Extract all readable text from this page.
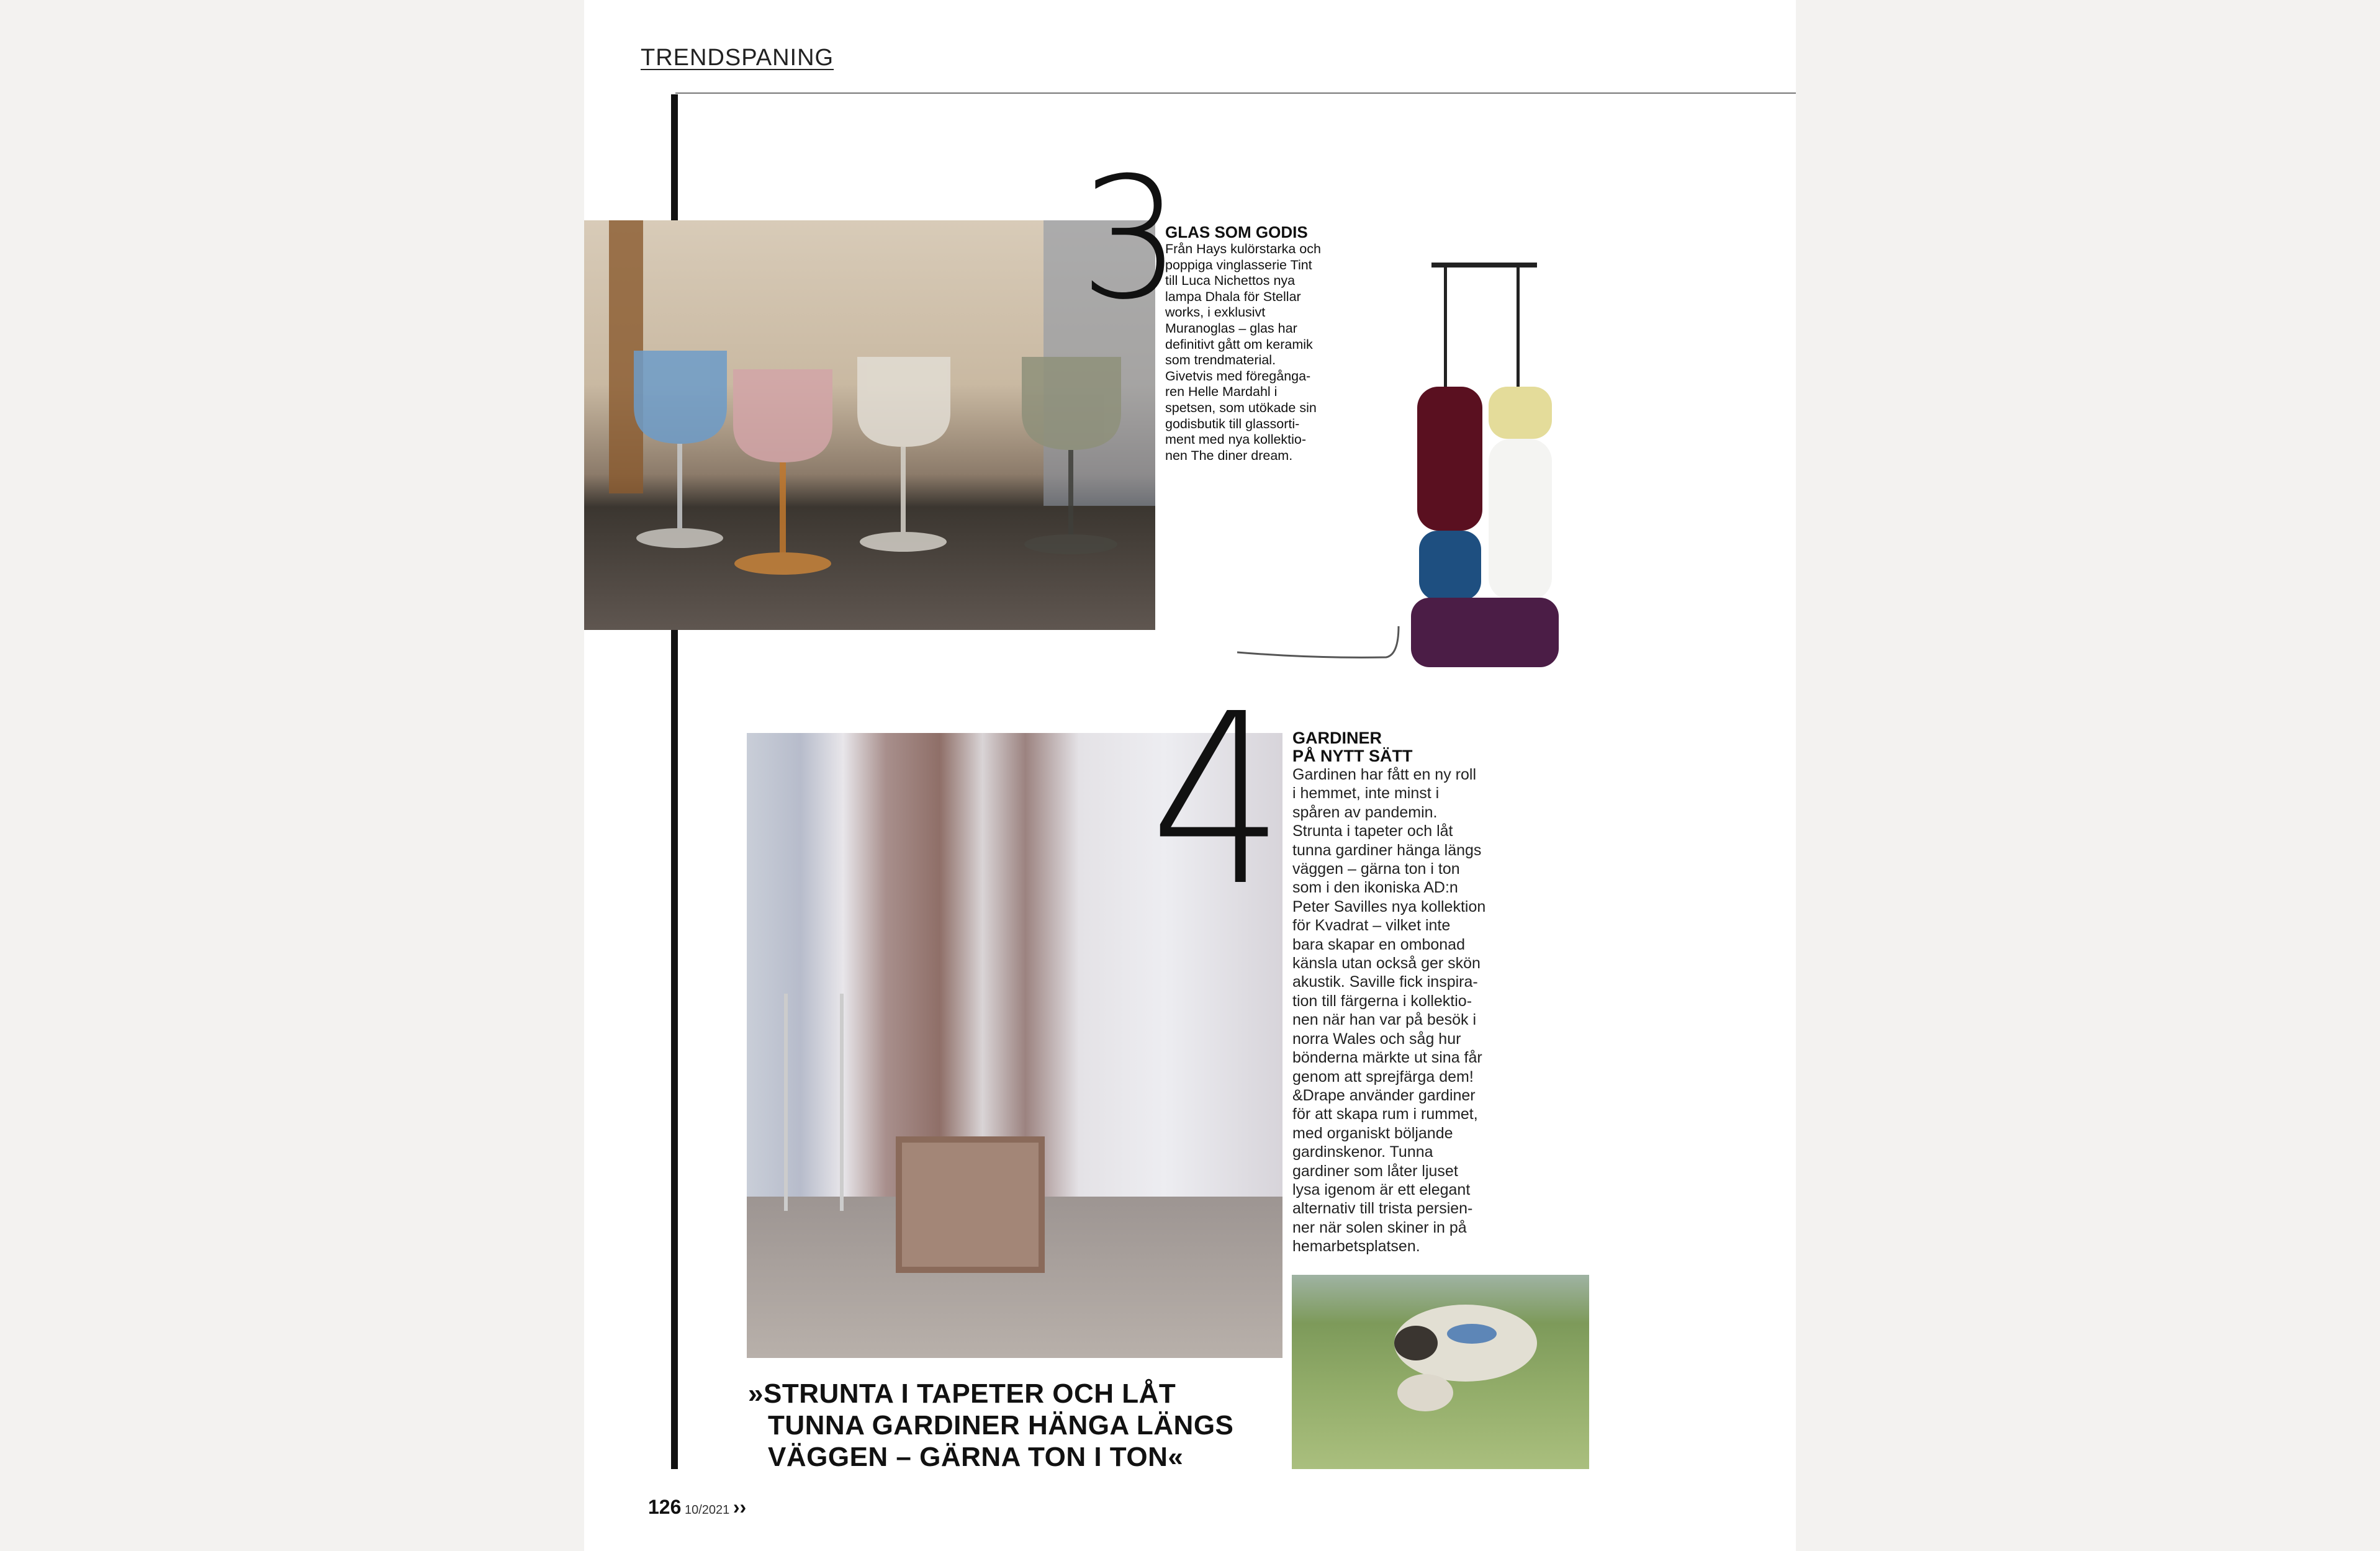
TRENDSPANING
3
GLAS SOM GODIS
Från Hays kulörstarka och
poppiga vinglasserie Tint
till Luca Nichettos nya
lampa Dhala för Stellar
works, i exklusivt
Muranoglas – glas har
definitivt gått om keramik
som trendmaterial.
Givetvis med föregånga-
ren Helle Mardahl i
spetsen, som utökade sin
godisbutik till glassorti-
ment med nya kollektio-
nen The diner dream.
4 GARDINER
PÅ NYTT SÄTT
Gardinen har fått en ny roll
i hemmet, inte minst i
spåren av pandemin.
Strunta i tapeter och låt
tunna gardiner hänga längs
väggen – gärna ton i ton
som i den ikoniska AD:n
Peter Savilles nya kollektion
för Kvadrat – vilket inte
bara skapar en ombonad
känsla utan också ger skön
akustik. Saville fick inspira-
tion till färgerna i kollektio-
nen när han var på besök i
norra Wales och såg hur
bönderna märkte ut sina får
genom att sprejfärga dem!
&Drape använder gardiner
för att skapa rum i rummet,
med organiskt böljande
gardinskenor. Tunna
gardiner som låter ljuset
lysa igenom är ett elegant
alternativ till trista persien-
ner när solen skiner in på
hemarbetsplatsen.
»STRUNTA I TAPETER OCH LÅT
TUNNA GARDINER HÄNGA LÄNGS
VÄGGEN – GÄRNA TON I TON«
126 10/2021 ››
